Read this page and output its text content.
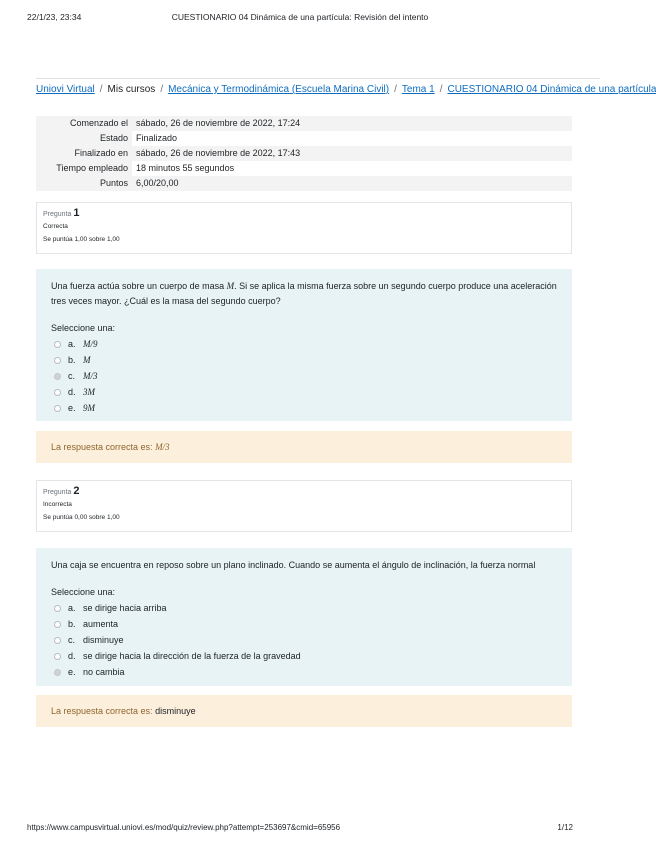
22/1/23, 23:34	CUESTIONARIO 04 Dinámica de una partícula: Revisión del intento
Uniovi Virtual / Mis cursos / Mecánica y Termodinámica (Escuela Marina Civil) / Tema 1 / CUESTIONARIO 04 Dinámica de una partícula
Comenzado el	sábado, 26 de noviembre de 2022, 17:24
Estado	Finalizado
Finalizado en	sábado, 26 de noviembre de 2022, 17:43
Tiempo empleado	18 minutos 55 segundos
Puntos	6,00/20,00
Pregunta 1
Correcta
Se puntúa 1,00 sobre 1,00
Una fuerza actúa sobre un cuerpo de masa M. Si se aplica la misma fuerza sobre un segundo cuerpo produce una aceleración tres veces mayor. ¿Cuál es la masa del segundo cuerpo?
Seleccione una:
a. M/9
b. M
c. M/3
d. 3M
e. 9M
La respuesta correcta es: M/3
Pregunta 2
Incorrecta
Se puntúa 0,00 sobre 1,00
Una caja se encuentra en reposo sobre un plano inclinado. Cuando se aumenta el ángulo de inclinación, la fuerza normal
Seleccione una:
a. se dirige hacia arriba
b. aumenta
c. disminuye
d. se dirige hacia la dirección de la fuerza de la gravedad
e. no cambia
La respuesta correcta es: disminuye
https://www.campusvirtual.uniovi.es/mod/quiz/review.php?attempt=253697&cmid=65956	1/12
